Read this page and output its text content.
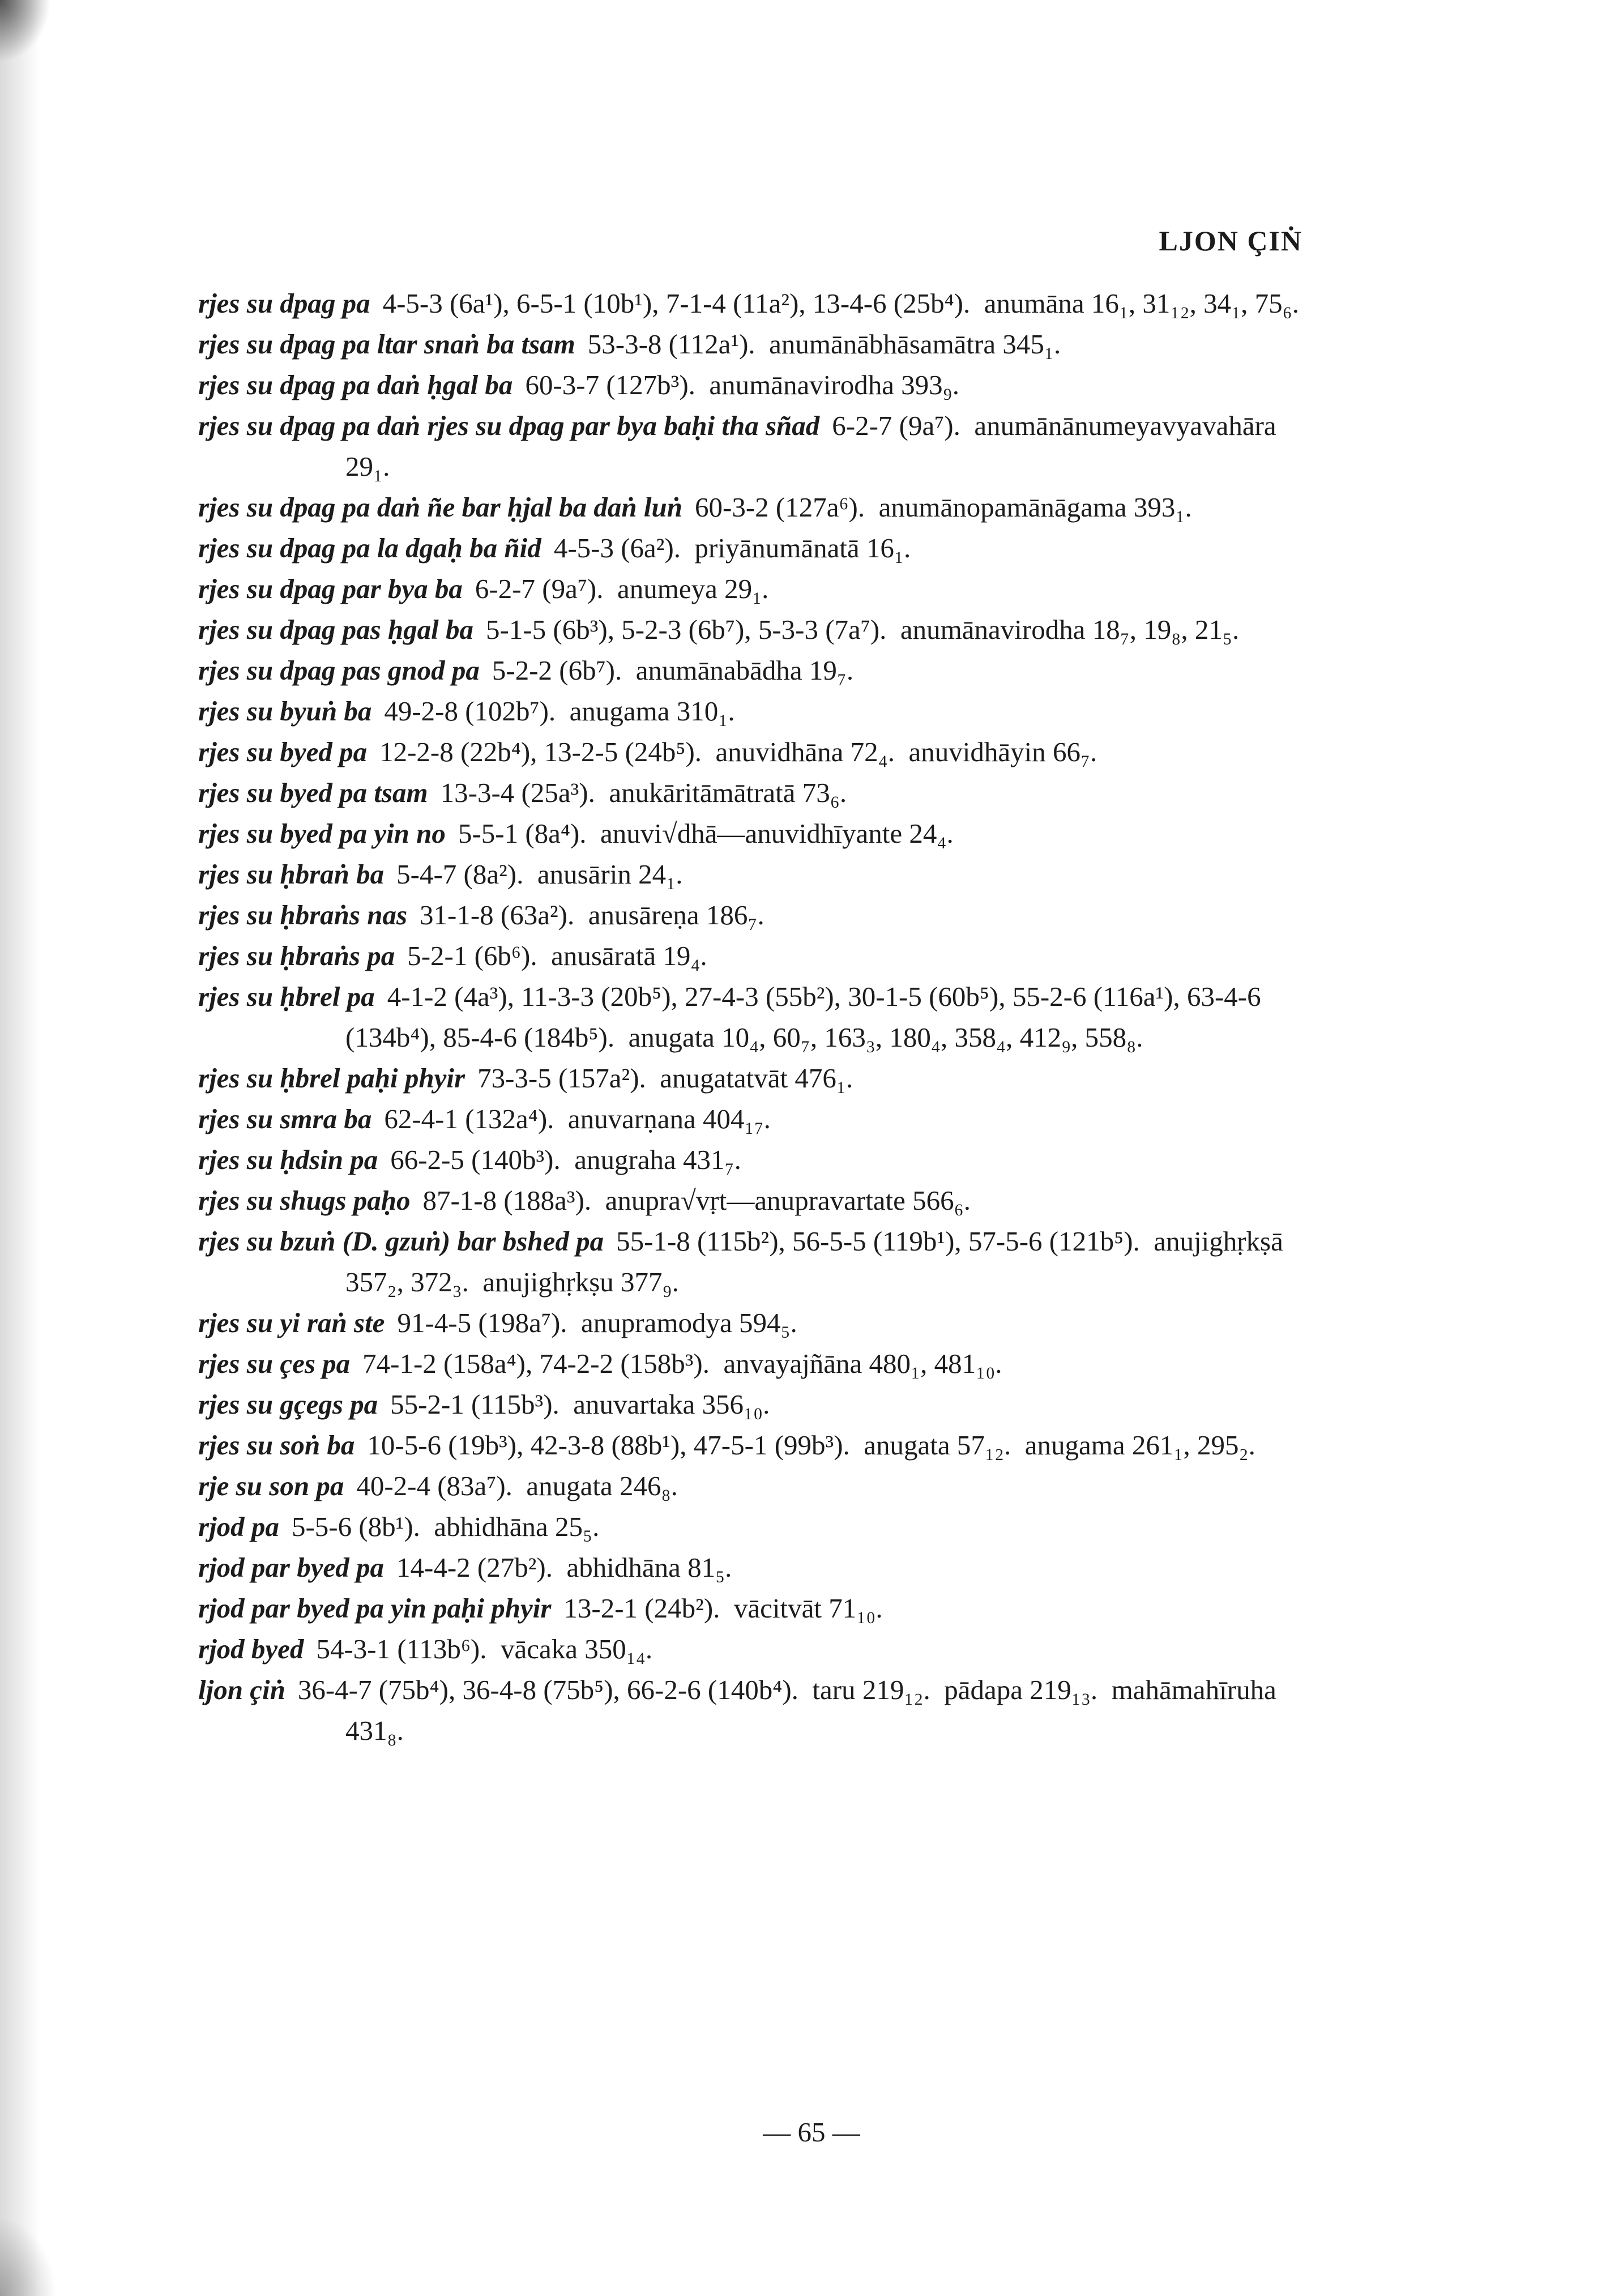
LJON ÇIṄ
rjes su dpag pa 4-5-3 (6a¹), 6-5-1 (10b¹), 7-1-4 (11a²), 13-4-6 (25b⁴).  anumāna 16₁, 31₁₂, 34₁, 75₆.
rjes su dpag pa ltar snaṅ ba tsam 53-3-8 (112a¹).  anumānābhāsamātra 345₁.
rjes su dpag pa daṅ ḥgal ba 60-3-7 (127b³).  anumānavirodha 393₉.
rjes su dpag pa daṅ rjes su dpag par bya baḥi tha sñad 6-2-7 (9a⁷).  anumānānumeyavyavahāra 29₁.
rjes su dpag pa daṅ ñe bar ḥjal ba daṅ luṅ 60-3-2 (127a⁶).  anumānopamānāgama 393₁.
rjes su dpag pa la dgaḥ ba ñid 4-5-3 (6a²).  priyānumānatā 16₁.
rjes su dpag par bya ba 6-2-7 (9a⁷).  anumeya 29₁.
rjes su dpag pas ḥgal ba 5-1-5 (6b³), 5-2-3 (6b⁷), 5-3-3 (7a⁷).  anumānavirodha 18₇, 19₈, 21₅.
rjes su dpag pas gnod pa 5-2-2 (6b⁷).  anumānabādha 19₇.
rjes su byuṅ ba 49-2-8 (102b⁷).  anugama 310₁.
rjes su byed pa 12-2-8 (22b⁴), 13-2-5 (24b⁵).  anuvidhāna 72₄.  anuvidhāyin 66₇.
rjes su byed pa tsam 13-3-4 (25a³).  anukāritāmātratā 73₆.
rjes su byed pa yin no 5-5-1 (8a⁴).  anuvi√dhā—anuvidhīyante 24₄.
rjes su ḥbraṅ ba 5-4-7 (8a²).  anusārin 24₁.
rjes su ḥbraṅs nas 31-1-8 (63a²).  anusāreṇa 186₇.
rjes su ḥbraṅs pa 5-2-1 (6b⁶).  anusāratā 19₄.
rjes su ḥbrel pa 4-1-2 (4a³), 11-3-3 (20b⁵), 27-4-3 (55b²), 30-1-5 (60b⁵), 55-2-6 (116a¹), 63-4-6 (134b⁴), 85-4-6 (184b⁵).  anugata 10₄, 60₇, 163₃, 180₄, 358₄, 412₉, 558₈.
rjes su ḥbrel paḥi phyir 73-3-5 (157a²).  anugatatvāt 476₁.
rjes su smra ba 62-4-1 (132a⁴).  anuvarṇana 404₁₇.
rjes su ḥdsin pa 66-2-5 (140b³).  anugraha 431₇.
rjes su shugs paḥo 87-1-8 (188a³).  anupra√vṛt—anupravartate 566₆.
rjes su bzuṅ (D. gzuṅ) bar bshed pa 55-1-8 (115b²), 56-5-5 (119b¹), 57-5-6 (121b⁵).  anujighṛkṣā 357₂, 372₃.  anujighṛkṣu 377₉.
rjes su yi raṅ ste 91-4-5 (198a⁷).  anupramodya 594₅.
rjes su çes pa 74-1-2 (158a⁴), 74-2-2 (158b³).  anvayajñāna 480₁, 481₁₀.
rjes su gçegs pa 55-2-1 (115b³).  anuvartaka 356₁₀.
rjes su soṅ ba 10-5-6 (19b³), 42-3-8 (88b¹), 47-5-1 (99b³).  anugata 57₁₂.  anugama 261₁, 295₂.
rje su son pa 40-2-4 (83a⁷).  anugata 246₈.
rjod pa 5-5-6 (8b¹).  abhidhāna 25₅.
rjod par byed pa 14-4-2 (27b²).  abhidhāna 81₅.
rjod par byed pa yin paḥi phyir 13-2-1 (24b²).  vācitvāt 71₁₀.
rjod byed 54-3-1 (113b⁶).  vācaka 350₁₄.
ljon çiṅ 36-4-7 (75b⁴), 36-4-8 (75b⁵), 66-2-6 (140b⁴).  taru 219₁₂.  pādapa 219₁₃.  mahāmahīruha 431₈.
— 65 —
